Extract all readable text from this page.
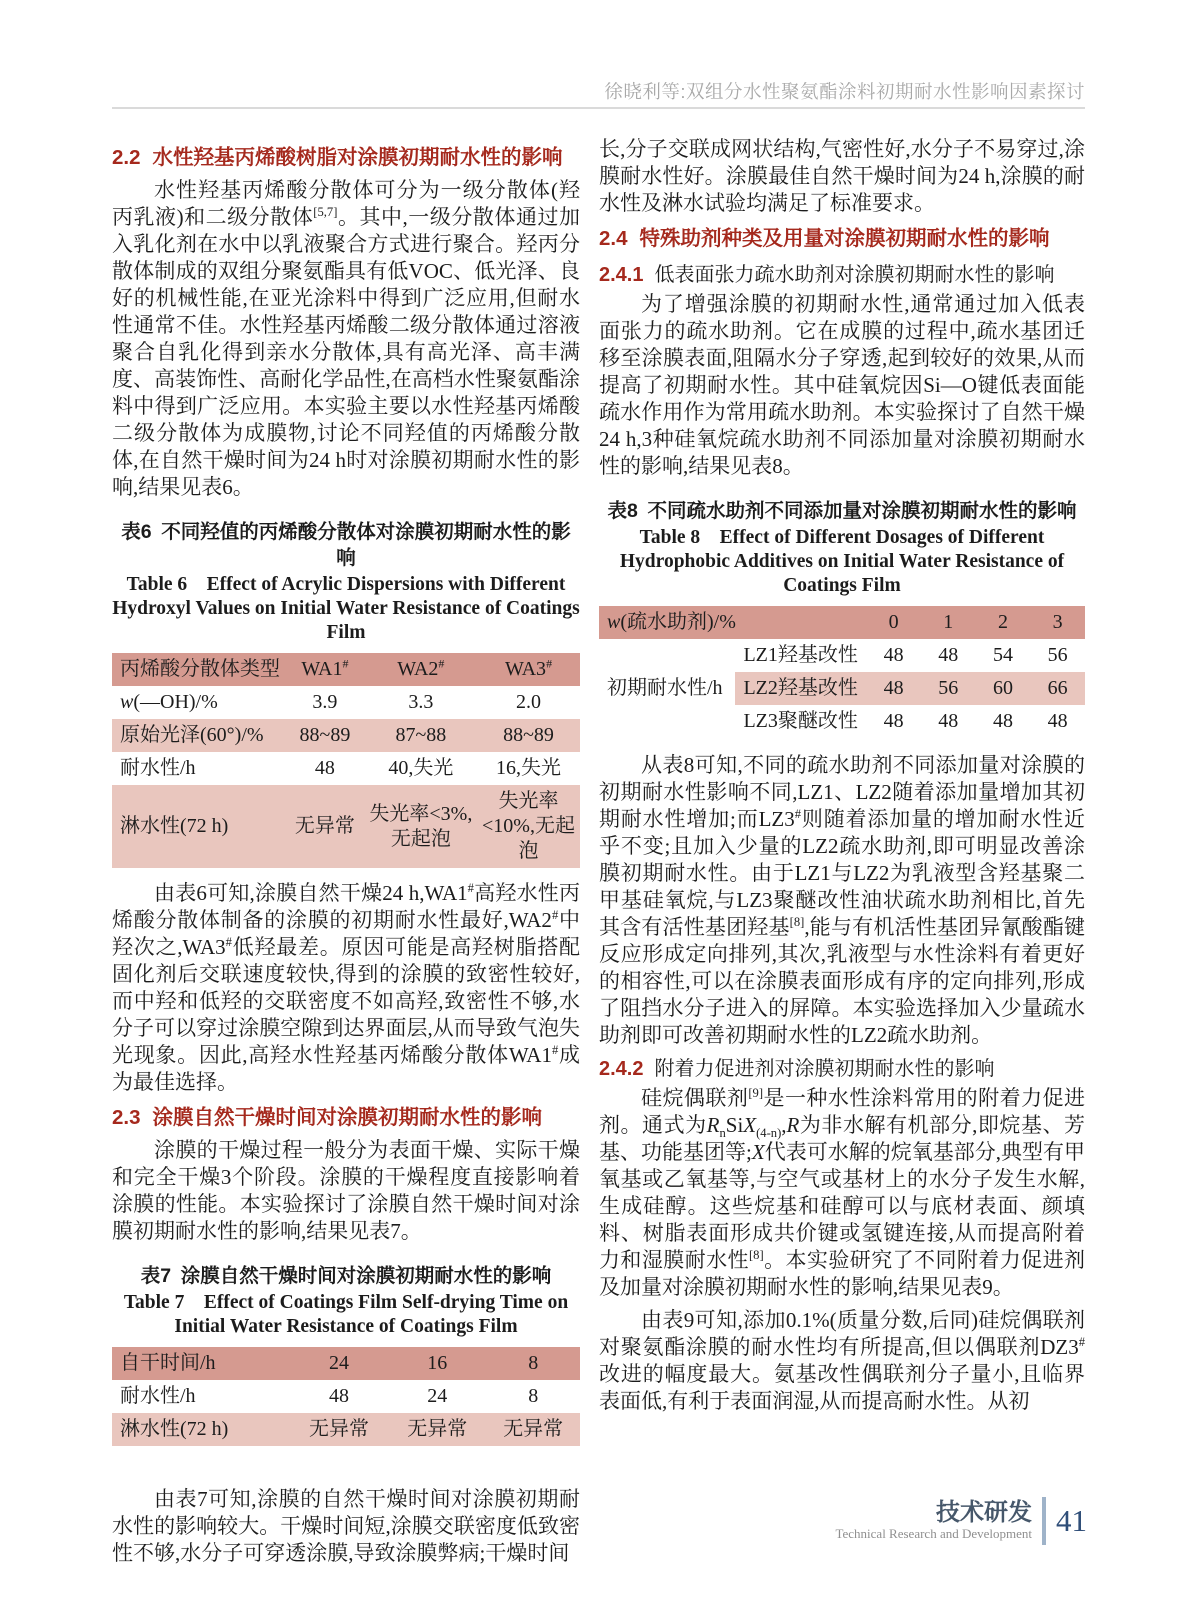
徐晓利等:双组分水性聚氨酯涂料初期耐水性影响因素探讨
2.2 水性羟基丙烯酸树脂对涂膜初期耐水性的影响

水性羟基丙烯酸分散体可分为一级分散体(羟丙乳液)和二级分散体[5,7]。其中,一级分散体通过加入乳化剂在水中以乳液聚合方式进行聚合。羟丙分散体制成的双组分聚氨酯具有低VOC、低光泽、良好的机械性能,在亚光涂料中得到广泛应用,但耐水性通常不佳。水性羟基丙烯酸二级分散体通过溶液聚合自乳化得到亲水分散体,具有高光泽、高丰满度、高装饰性、高耐化学品性,在高档水性聚氨酯涂料中得到广泛应用。本实验主要以水性羟基丙烯酸二级分散体为成膜物,讨论不同羟值的丙烯酸分散体,在自然干燥时间为24 h时对涂膜初期耐水性的影响,结果见表6。

表6 不同羟值的丙烯酸分散体对涂膜初期耐水性的影响
Table 6  Effect of Acrylic Dispersions with Different Hydroxyl Values on Initial Water Resistance of Coatings Film
丙烯酸分散体类型	WA1#	WA2#	WA3#
w(—OH)/%	3.9	3.3	2.0
原始光泽(60°)/%	88~89	87~88	88~89
耐水性/h	48	40,失光	16,失光
淋水性(72 h)	无异常	失光率<3%,无起泡	失光率<10%,无起泡

由表6可知,涂膜自然干燥24 h,WA1#高羟水性丙烯酸分散体制备的涂膜的初期耐水性最好,WA2#中羟次之,WA3#低羟最差。原因可能是高羟树脂搭配固化剂后交联速度较快,得到的涂膜的致密性较好,而中羟和低羟的交联密度不如高羟,致密性不够,水分子可以穿过涂膜空隙到达界面层,从而导致气泡失光现象。因此,高羟水性羟基丙烯酸分散体WA1#成为最佳选择。

2.3 涂膜自然干燥时间对涂膜初期耐水性的影响

涂膜的干燥过程一般分为表面干燥、实际干燥和完全干燥3个阶段。涂膜的干燥程度直接影响着涂膜的性能。本实验探讨了涂膜自然干燥时间对涂膜初期耐水性的影响,结果见表7。

表7 涂膜自然干燥时间对涂膜初期耐水性的影响
Table 7  Effect of Coatings Film Self-drying Time on Initial Water Resistance of Coatings Film
自干时间/h	24	16	8
耐水性/h	48	24	8
淋水性(72 h)	无异常	无异常	无异常

由表7可知,涂膜的自然干燥时间对涂膜初期耐水性的影响较大。干燥时间短,涂膜交联密度低致密性不够,水分子可穿透涂膜,导致涂膜弊病;干燥时间

长,分子交联成网状结构,气密性好,水分子不易穿过,涂膜耐水性好。涂膜最佳自然干燥时间为24 h,涂膜的耐水性及淋水试验均满足了标准要求。

2.4 特殊助剂种类及用量对涂膜初期耐水性的影响
2.4.1 低表面张力疏水助剂对涂膜初期耐水性的影响

为了增强涂膜的初期耐水性,通常通过加入低表面张力的疏水助剂。它在成膜的过程中,疏水基团迁移至涂膜表面,阻隔水分子穿透,起到较好的效果,从而提高了初期耐水性。其中硅氧烷因Si—O键低表面能疏水作用作为常用疏水助剂。本实验探讨了自然干燥24 h,3种硅氧烷疏水助剂不同添加量对涂膜初期耐水性的影响,结果见表8。

表8 不同疏水助剂不同添加量对涂膜初期耐水性的影响
Table 8  Effect of Different Dosages of Different Hydrophobic Additives on Initial Water Resistance of Coatings Film
w(疏水助剂)/%		0	1	2	3
初期耐水性/h	LZ1羟基改性	48	48	54	56
	LZ2羟基改性	48	56	60	66
	LZ3聚醚改性	48	48	48	48

从表8可知,不同的疏水助剂不同添加量对涂膜的初期耐水性影响不同,LZ1、LZ2随着添加量增加其初期耐水性增加;而LZ3#则随着添加量的增加耐水性近乎不变;且加入少量的LZ2疏水助剂,即可明显改善涂膜初期耐水性。由于LZ1与LZ2为乳液型含羟基聚二甲基硅氧烷,与LZ3聚醚改性油状疏水助剂相比,首先其含有活性基团羟基[8],能与有机活性基团异氰酸酯键反应形成定向排列,其次,乳液型与水性涂料有着更好的相容性,可以在涂膜表面形成有序的定向排列,形成了阻挡水分子进入的屏障。本实验选择加入少量疏水助剂即可改善初期耐水性的LZ2疏水助剂。

2.4.2 附着力促进剂对涂膜初期耐水性的影响

硅烷偶联剂[9]是一种水性涂料常用的附着力促进剂。通式为$R_nSiX_{(4-n)},R$为非水解有机部分,即烷基、芳基、功能基团等;X代表可水解的烷氧基部分,典型有甲氧基或乙氧基等,与空气或基材上的水分子发生水解,生成硅醇。这些烷基和硅醇可以与底材表面、颜填料、树脂表面形成共价键或氢键连接,从而提高附着力和湿膜耐水性[8]。本实验研究了不同附着力促进剂及加量对涂膜初期耐水性的影响,结果见表9。

由表9可知,添加0.1%(质量分数,后同)硅烷偶联剂对聚氨酯涂膜的耐水性均有所提高,但以偶联剂DZ3#改进的幅度最大。氨基改性偶联剂分子量小,且临界表面低,有利于表面润湿,从而提高耐水性。从初

技术研发
Technical Research and Development 41
